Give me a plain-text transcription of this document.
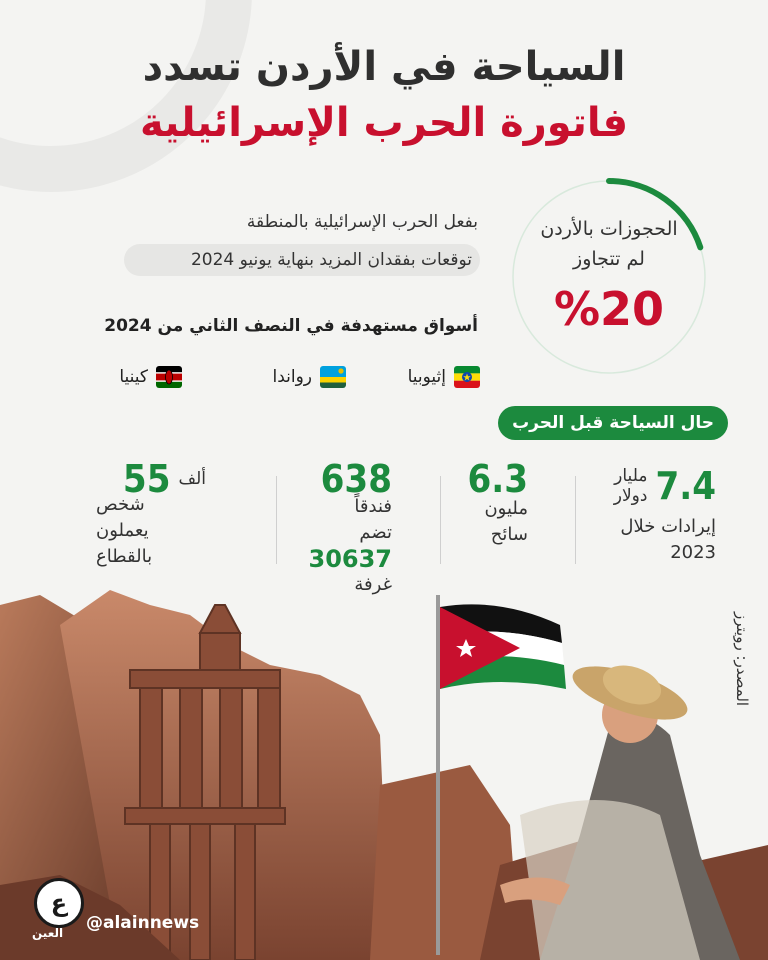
السياحة في الأردن تسدد
فاتورة الحرب الإسرائيلية
الحجوزات بالأردن
لم تتجاوز
%20
بفعل الحرب الإسرائيلية بالمنطقة
توقعات بفقدان المزيد بنهاية يونيو 2024
أسواق مستهدفة في النصف الثاني من 2024
إثيوبيا
رواندا
كينيا
حال السياحة قبل الحرب
7.4
مليار
دولار
إيرادات خلال
2023
6.3
مليون
سائح
638
فندقاً
تضم
30637
غرفة
ألف
55
شخص
يعملون
بالقطاع
المصدر: رويترز
ع
العين @alainnews
